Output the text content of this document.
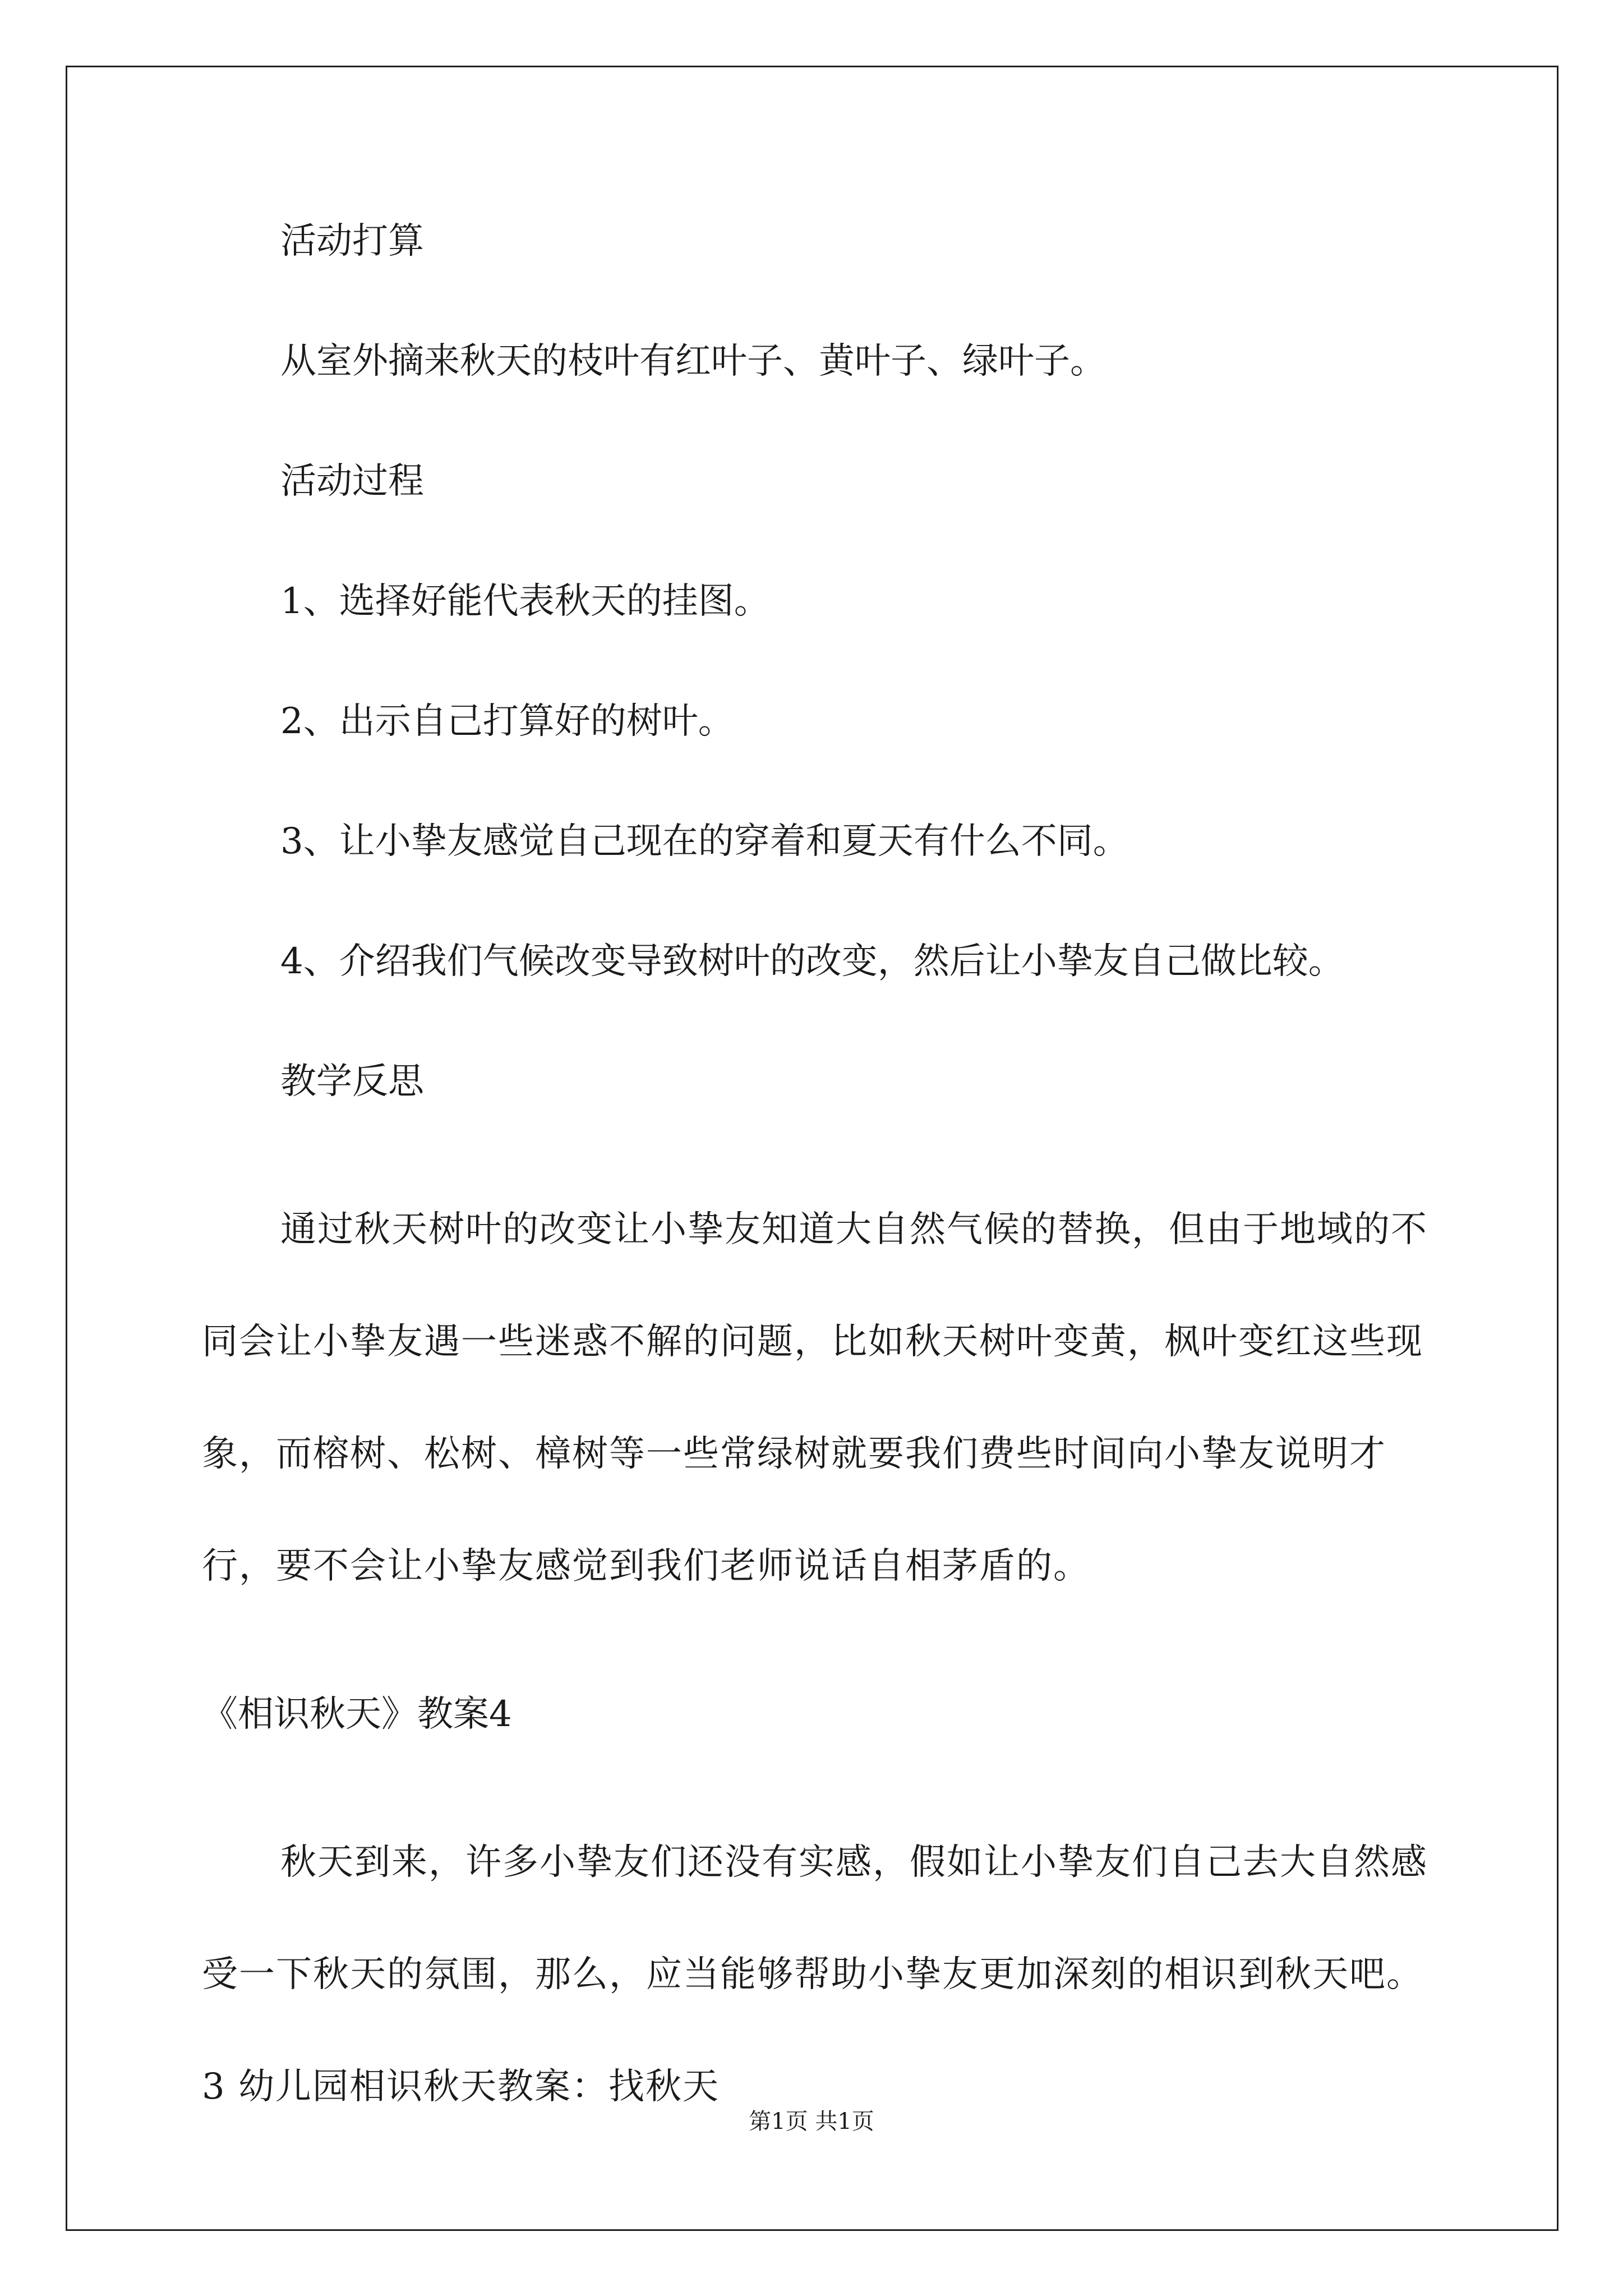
活动打算

从室外摘来秋天的枝叶有红叶子、黄叶子、绿叶子。

活动过程

1、选择好能代表秋天的挂图。

2、出示自己打算好的树叶。

3、让小挚友感觉自己现在的穿着和夏天有什么不同。

4、介绍我们气候改变导致树叶的改变，然后让小挚友自己做比较。

教学反思

通过秋天树叶的改变让小挚友知道大自然气候的替换，但由于地域的不同会让小挚友遇一些迷惑不解的问题，比如秋天树叶变黄，枫叶变红这些现象，而榕树、松树、樟树等一些常绿树就要我们费些时间向小挚友说明才行，要不会让小挚友感觉到我们老师说话自相茅盾的。

《相识秋天》教案4

秋天到来，许多小挚友们还没有实感，假如让小挚友们自己去大自然感受一下秋天的氛围，那么，应当能够帮助小挚友更加深刻的相识到秋天吧。 3 幼儿园相识秋天教案：找秋天

第1页 共1页
